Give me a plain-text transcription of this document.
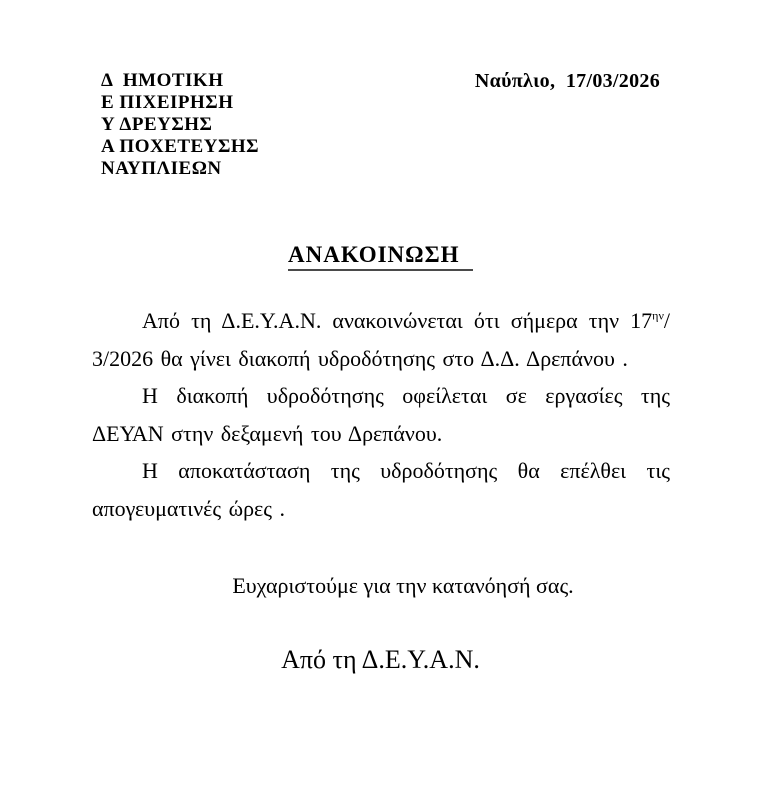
Δ  ΗΜΟΤΙΚΗ
Ε ΠΙΧΕΙΡΗΣΗ
Υ ΔΡΕΥΣΗΣ
Α ΠΟΧΕΤΕΥΣΗΣ
ΝΑΥΠΛΙΕΩΝ
Ναύπλιο,  17/03/2026
ΑΝΑΚΟΙΝΩΣΗ

Από τη Δ.Ε.Υ.Α.Ν. ανακοινώνεται ότι σήμερα την $17^{\eta\nu}/$ 3/2026 θα γίνει διακοπή υδροδότησης στο Δ.Δ. Δρεπάνου .

Η διακοπή υδροδότησης οφείλεται σε εργασίες της ΔΕΥΑΝ στην δεξαμενή του Δρεπάνου.

Η αποκατάσταση της υδροδότησης θα επέλθει τις απογευματινές ώρες .

Ευχαριστούμε για την κατανόησή σας.
Από τη Δ.Ε.Υ.Α.Ν.
